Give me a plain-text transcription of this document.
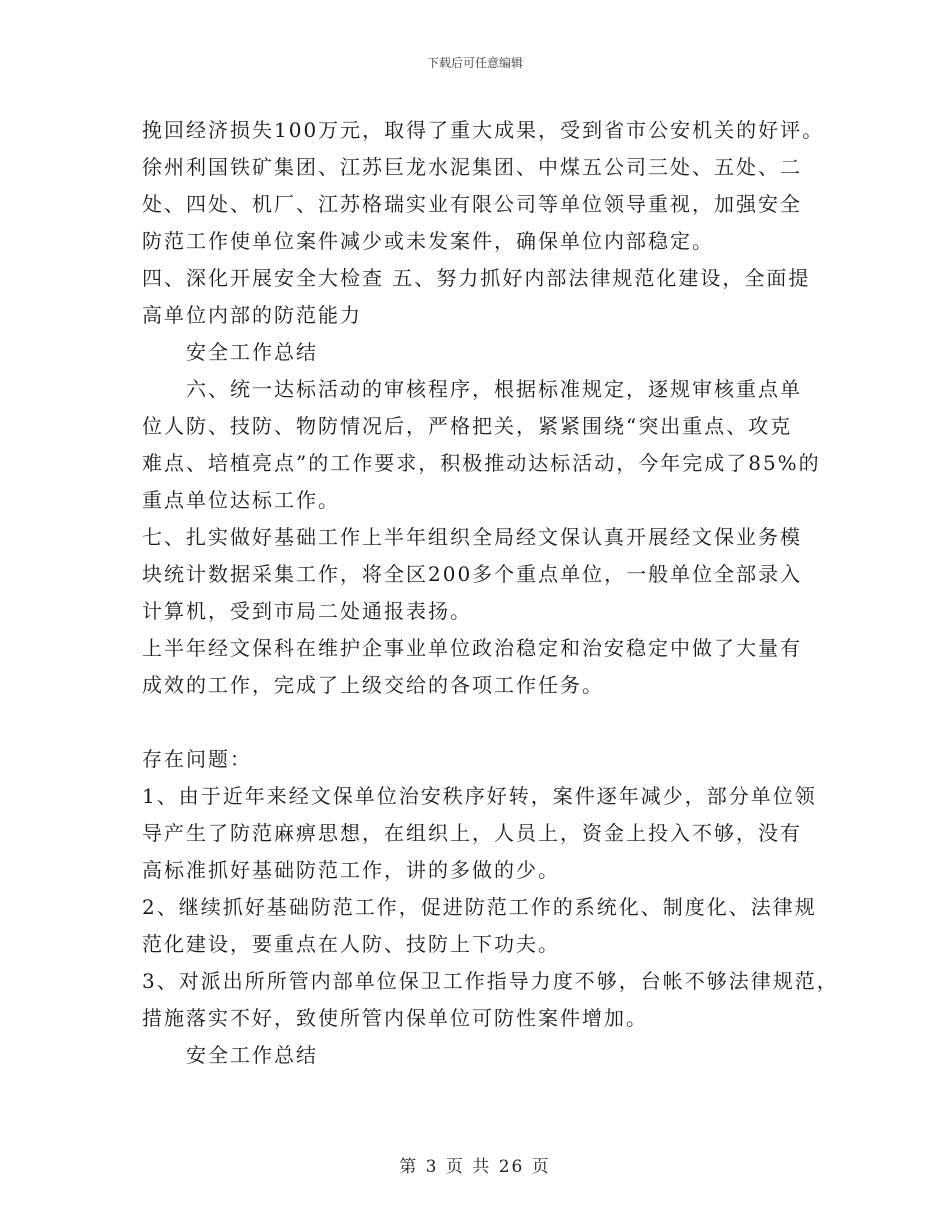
下载后可任意编辑
挽回经济损失100万元，取得了重大成果，受到省市公安机关的好评。
徐州利国铁矿集团、江苏巨龙水泥集团、中煤五公司三处、五处、二
处、四处、机厂、江苏格瑞实业有限公司等单位领导重视，加强安全
防范工作使单位案件减少或未发案件，确保单位内部稳定。
四、深化开展安全大检查 五、努力抓好内部法律规范化建设，全面提
高单位内部的防范能力
安全工作总结
六、统一达标活动的审核程序，根据标准规定，逐规审核重点单
位人防、技防、物防情况后，严格把关，紧紧围绕“突出重点、攻克
难点、培植亮点”的工作要求，积极推动达标活动，今年完成了85%的
重点单位达标工作。
七、扎实做好基础工作上半年组织全局经文保认真开展经文保业务模
块统计数据采集工作，将全区200多个重点单位，一般单位全部录入
计算机，受到市局二处通报表扬。
上半年经文保科在维护企事业单位政治稳定和治安稳定中做了大量有
成效的工作，完成了上级交给的各项工作任务。
存在问题：
1、由于近年来经文保单位治安秩序好转，案件逐年减少，部分单位领
导产生了防范麻痹思想，在组织上，人员上，资金上投入不够，没有
高标准抓好基础防范工作，讲的多做的少。
2、继续抓好基础防范工作，促进防范工作的系统化、制度化、法律规
范化建设，要重点在人防、技防上下功夫。
3、对派出所所管内部单位保卫工作指导力度不够，台帐不够法律规范，
措施落实不好，致使所管内保单位可防性案件增加。
安全工作总结
第 3 页 共 26 页
